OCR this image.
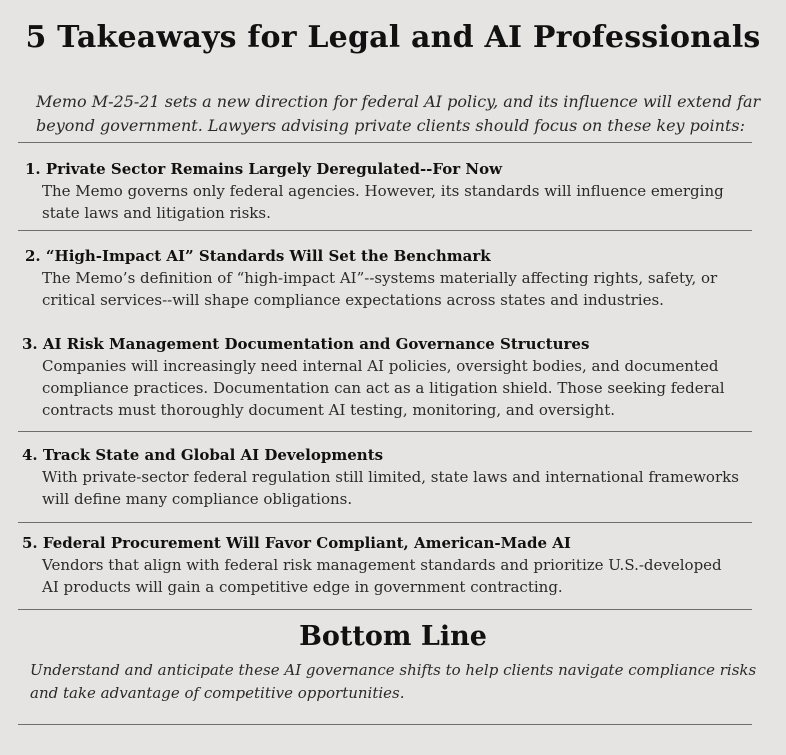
5 Takeaways for Legal and AI Professionals
Memo M-25-21 sets a new direction for federal AI policy, and its influence will extend far beyond government. Lawyers advising private clients should focus on these key points:
1. Private Sector Remains Largely Deregulated--For Now
The Memo governs only federal agencies. However, its standards will influence emerging state laws and litigation risks.
2. “High-Impact AI” Standards Will Set the Benchmark
The Memo’s definition of “high-impact AI”--systems materially affecting rights, safety, or critical services--will shape compliance expectations across states and industries.
3. AI Risk Management Documentation and Governance Structures
Companies will increasingly need internal AI policies, oversight bodies, and documented compliance practices. Documentation can act as a litigation shield. Those seeking federal contracts must thoroughly document AI testing, monitoring, and oversight.
4. Track State and Global AI Developments
With private-sector federal regulation still limited, state laws and international frameworks will define many compliance obligations.
5. Federal Procurement Will Favor Compliant, American-Made AI
Vendors that align with federal risk management standards and prioritize U.S.-developed AI products will gain a competitive edge in government contracting.
Bottom Line
Understand and anticipate these AI governance shifts to help clients navigate compliance risks and take advantage of competitive opportunities.
